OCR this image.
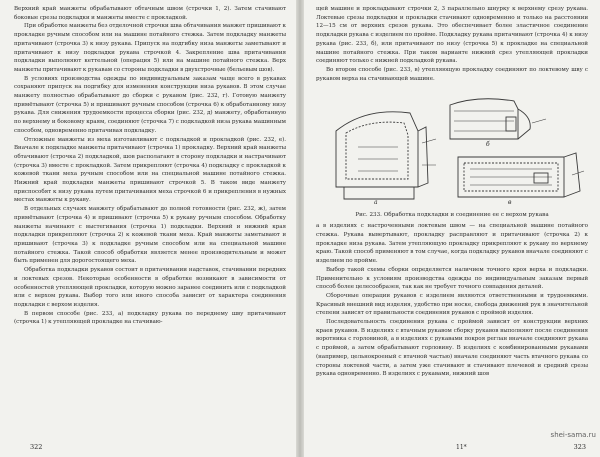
Верхний край манжеты обрабатывают обтачным швом (строчки 1, 2). Затем стачивают боковые срезы подкладки и манжеты вместе с прокладкой.

При обработке манжеты без отделочной строчки шва обтачивания манжет пришивают к прокладке ручным способом или на машине потайного стежка. Затем подкладку манжеты притачивают (строчка 3) к низу рукава. Припуск на подгибку низа манжеты заметывают и притачивают к низу подкладки рукава строчкой 4. Закрепление шва притачивания подкладки выполняют кеттельной (операция 5) или на машине потайного стежка. Верх манжеты притачивают к рукавам со стороны подкладки в двухстрочные (бельевым шов).

В условиях производства одежды по индивидуальным заказам чаще всего в рукавах сохраняют припуск на подгибку для изменения конструкции низа рукавов. В этом случае манжету полностью обрабатывают до сборки с рукавом (рис. 232, г). Готовую манжету примётывают (строчка 5) и пришивают ручным способом (строчка 6) к обработанному низу рукава. Для снижения трудоемкости процесса сборки (рис. 232, д) манжету, обработанную по верхнему и боковому краям, соединяют (строчка 7) с подкладкой низа рукава машинным способом, одновременно притачивая подкладку.

Отложные манжеты из меха изготавливают с подкладкой и прокладкой (рис. 232, е). Вначале к подкладке манжеты притачивают (строчка 1) прокладку. Верхний край манжеты обтачивают (строчка 2) подкладкой, шов располагают в сторону подкладки и настрачивают (строчка 3) вместе с прокладкой. Затем прикрепляют (строчка 4) подкладку с прокладкой к кожевой ткани меха ручным способом или на специальной машине потайного стежка. Нижний край подкладки манжеты пришивают строчкой 5. В таком виде манжету приспособят к низу рукава путем притачивания меха строчкой 6 и прикрепления в нужных местах манжеты к рукаву.

В отдельных случаях манжету обрабатывают до полной готовности (рис. 232, ж), затем примётывают (строчка 4) и пришивают (строчка 5) к рукаву ручным способом. Обработку манжеты начинают с выстегивания (строчка 1) подкладки. Верхний и нижний края подкладки прикрепляют (строчка 2) к кожевой ткани меха. Край манжеты заметывают и пришивают (строчка 3) к подкладке ручным способом или на специальной машине потайного стежка. Такой способ обработки является менее производительным и может быть применен для дорогостоящего меха.

Обработка подкладки рукавов состоит в притачивании надставок, стачивании передних и локтевых срезов. Некоторые особенности в обработке возникают в зависимости от особенностей утепляющей прокладки, которую можно заранее соединить или с подкладкой или с верхом рукава. Выбор того или иного способа зависит от характера соединения подкладки с верхом изделия.

В первом способе (рис. 233, а) подкладку рукава по переднему шву притачивают (строчка 1) к утепляющей прокладке на стачиваю-

322

щей машине и прокладывают строчки 2, 3 параллельно шнурку к верхнему срезу рукава. Локтевые срезы подкладки и прокладки стачивают одновременно и только на расстоянии 12—15 см от верхних срезов рукава. Это обеспечивает более эластичное соединение подкладки рукава с изделием по пройме. Подкладку рукава притачивают (строчка 4) к низу рукава (рис. 233, б), или притачивают по низу (строчка 5) к прокладке на специальной машине потайного стежка. При таком варианте нижний срез утепляющей прокладки соединяют только с нижней подкладкой рукава.

Во втором способе (рис. 233, в) утепляющую прокладку соединяют по локтевому шву с рукавом верха на стачивающей машине.

а
б
в

Рис. 233. Обработка подкладки и соединение ее с верхом рукава

а в изделиях с настроченными локтевым швом — на специальной машине потайного стежка. Рукава вывертывают, прокладку расправляют и притачивают (строчка 2) к прокладке низа рукава. Затем утепляющую прокладку прикрепляют к рукаву по верхнему краю. Такой способ применяют в том случае, когда подкладку рукавов вначале соединяют с изделием по пройме.

Выбор такой схемы сборки определяется наличием точного кроя верха и подкладки. Применительно к условиям производства одежды по индивидуальным заказам первый способ более целесообразен, так как не требует точного совпадения деталей.

Сборочные операции рукавов с изделием являются ответственными и трудоемкими. Красивый внешний вид изделия, удобство при носке, свобода движений рук в значительной степени зависят от правильности соединения рукавов с проймой изделия.

Последовательность соединения рукава с проймой зависит от конструкции верхних краев рукавов. В изделиях с втачным рукавом сборку рукавов выполняют после соединения воротника с горловиной, а в изделиях с рукавами покроя реглан вначале соединяют рукава с проймой, а затем обрабатывают горловину. В изделиях с комбинированными рукавами (например, цельнокроеный с втачной частью) вначале соединяют часть втачного рукава со стороны локтевой части, а затем уже стачивают и стачивают плечевой и средний срезы рукава одновременно. В изделиях с рукавами, нижний шов

11*	323
shei-sama.ru
